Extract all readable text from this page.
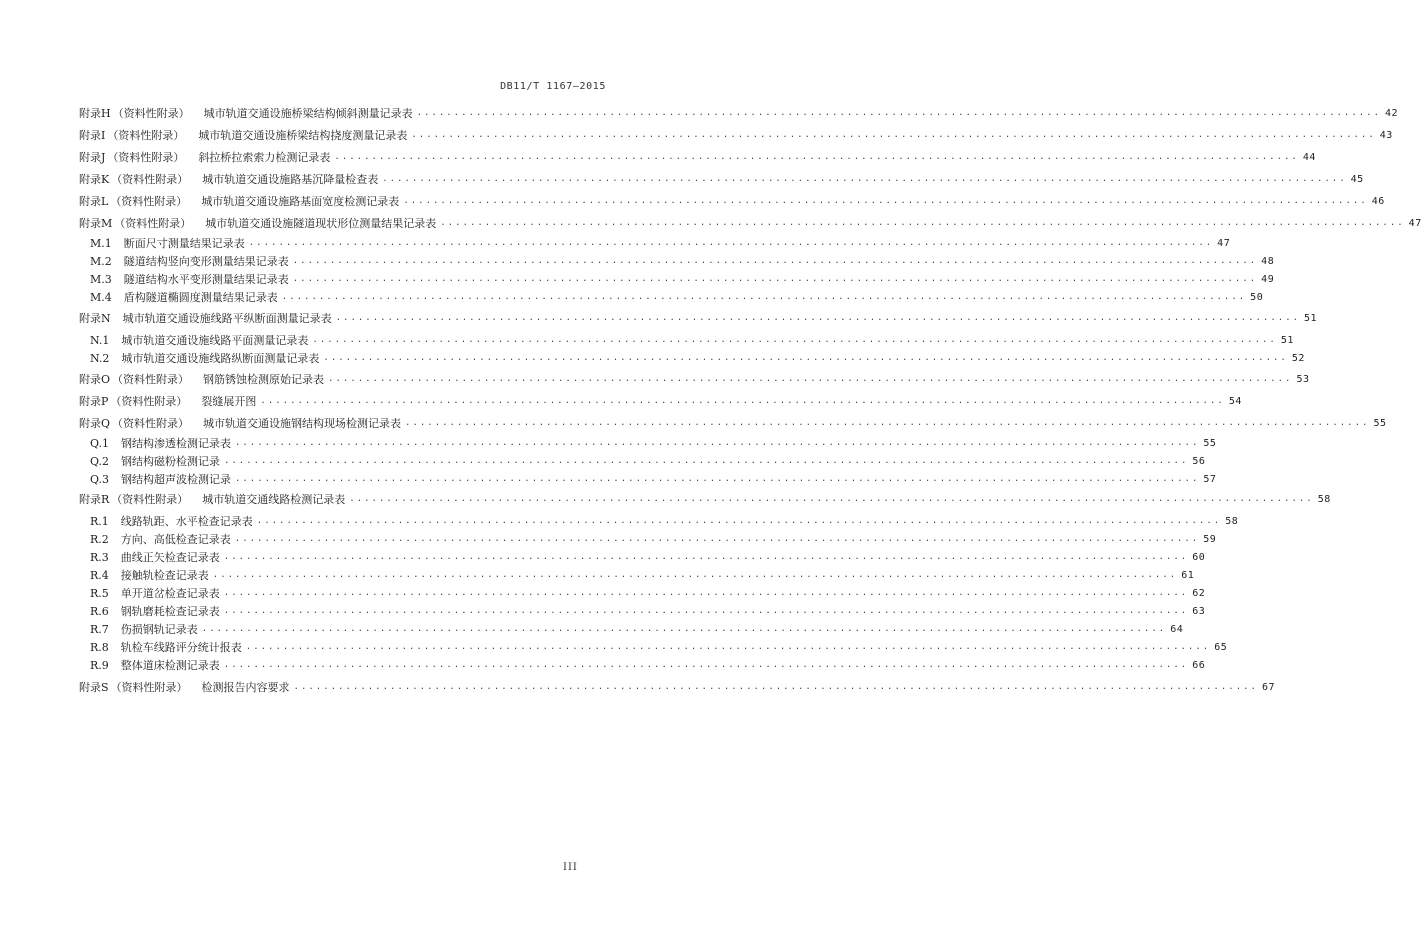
DB11/T 1167—2015
附录H （资料性附录） 城市轨道交通设施桥梁结构倾斜测量记录表 .................................................................................................................................. 42
附录I （资料性附录） 城市轨道交通设施桥梁结构挠度测量记录表 .................................................................................................................................. 43
附录J （资料性附录） 斜拉桥拉索索力检测记录表 .................................................................................................................................. 44
附录K （资料性附录） 城市轨道交通设施路基沉降量检查表 .................................................................................................................................. 45
附录L （资料性附录） 城市轨道交通设施路基面宽度检测记录表 .................................................................................................................................. 46
附录M （资料性附录） 城市轨道交通设施隧道现状形位测量结果记录表 .................................................................................................................................. 47
M.1 断面尺寸测量结果记录表 .................................................................................................................................. 47
M.2 隧道结构竖向变形测量结果记录表 .................................................................................................................................. 48
M.3 隧道结构水平变形测量结果记录表 .................................................................................................................................. 49
M.4 盾构隧道椭圆度测量结果记录表 .................................................................................................................................. 50
附录N 城市轨道交通设施线路平纵断面测量记录表 .................................................................................................................................. 51
N.1 城市轨道交通设施线路平面测量记录表 .................................................................................................................................. 51
N.2 城市轨道交通设施线路纵断面测量记录表 .................................................................................................................................. 52
附录O （资料性附录） 钢筋锈蚀检测原始记录表 .................................................................................................................................. 53
附录P （资料性附录） 裂缝展开图 .................................................................................................................................. 54
附录Q （资料性附录） 城市轨道交通设施钢结构现场检测记录表 .................................................................................................................................. 55
Q.1 钢结构渗透检测记录表 .................................................................................................................................. 55
Q.2 钢结构磁粉检测记录 .................................................................................................................................. 56
Q.3 钢结构超声波检测记录 .................................................................................................................................. 57
附录R （资料性附录） 城市轨道交通线路检测记录表 .................................................................................................................................. 58
R.1 线路轨距、水平检查记录表 .................................................................................................................................. 58
R.2 方向、高低检查记录表 .................................................................................................................................. 59
R.3 曲线正矢检查记录表 .................................................................................................................................. 60
R.4 接触轨检查记录表 .................................................................................................................................. 61
R.5 单开道岔检查记录表 .................................................................................................................................. 62
R.6 钢轨磨耗检查记录表 .................................................................................................................................. 63
R.7 伤损钢轨记录表 .................................................................................................................................. 64
R.8 轨检车线路评分统计报表 .................................................................................................................................. 65
R.9 整体道床检测记录表 .................................................................................................................................. 66
附录S （资料性附录） 检测报告内容要求 .................................................................................................................................. 67
III
